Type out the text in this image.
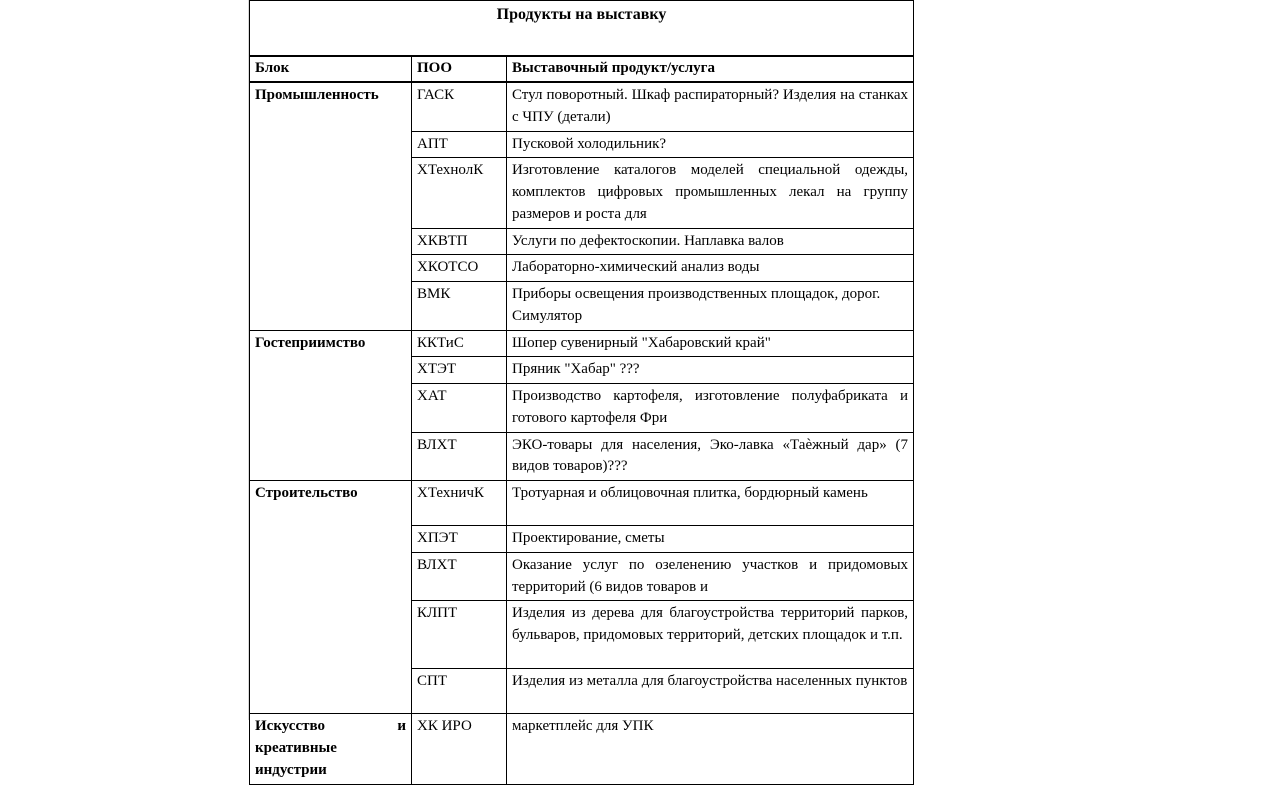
Продукты на выставку		
Блок	ПОО	Выставочный продукт/услуга
Промышленность	ГАСК	Стул поворотный. Шкаф распираторный? Изделия на станках с ЧПУ (детали)
	АПТ	Пусковой холодильник?
	ХТехнолК	Изготовление каталогов моделей специальной одежды, комплектов цифровых промышленных лекал на группу размеров и роста для
	ХКВТП	Услуги по дефектоскопии. Наплавка валов
	ХКОТСО	Лабораторно-химический анализ воды
	ВМК	Приборы освещения производственных площадок, дорог. Симулятор
Гостеприимство	ККТиС	Шопер сувенирный "Хабаровский край"
	ХТЭТ	Пряник "Хабар" ???
	ХАТ	Производство картофеля, изготовление полуфабриката и готового картофеля Фри
	ВЛХТ	ЭКО-товары для населения, Эко-лавка «Таѐжный дар» (7 видов товаров)???
Строительство	ХТехничК	Тротуарная и облицовочная плитка, бордюрный камень
	ХПЭТ	Проектирование, сметы
	ВЛХТ	Оказание услуг по озеленению участков и придомовых территорий (6 видов товаров и
	КЛПТ	Изделия из дерева для благоустройства территорий парков, бульваров, придомовых территорий, детских площадок и т.п.
	СПТ	Изделия из металла для благоустройства населенных пунктов
Искусство и креативные индустрии	ХК ИРО	маркетплейс для УПК
